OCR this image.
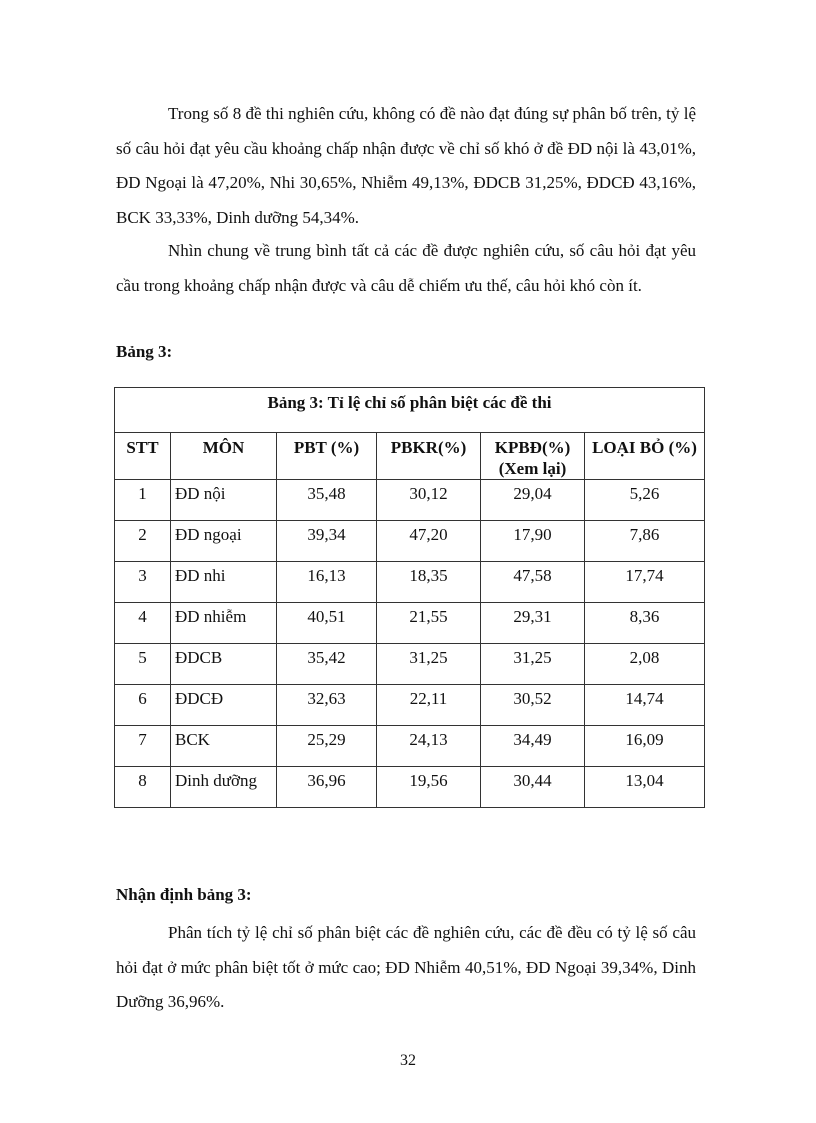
Trong số 8 đề thi nghiên cứu, không có đề nào đạt đúng sự phân bố trên, tỷ lệ số câu hỏi đạt yêu cầu khoảng chấp nhận được về chỉ số khó ở đề ĐD nội là 43,01%, ĐD Ngoại là 47,20%, Nhi 30,65%, Nhiễm 49,13%, ĐDCB 31,25%, ĐDCĐ 43,16%, BCK 33,33%, Dinh dưỡng 54,34%.

Nhìn chung về trung bình tất cả các đề được nghiên cứu, số câu hỏi đạt yêu cầu trong khoảng chấp nhận được và câu dễ chiếm ưu thế, câu hỏi khó còn ít.

Bảng 3:

Bảng 3: Tỉ lệ chỉ số phân biệt các đề thi					
STT	MÔN	PBT (%)	PBKR(%)	KPBĐ(%) (Xem lại)	LOẠI BỎ (%)
1	ĐD nội	35,48	30,12	29,04	5,26
2	ĐD ngoại	39,34	47,20	17,90	7,86
3	ĐD nhi	16,13	18,35	47,58	17,74
4	ĐD nhiễm	40,51	21,55	29,31	8,36
5	ĐDCB	35,42	31,25	31,25	2,08
6	ĐDCĐ	32,63	22,11	30,52	14,74
7	BCK	25,29	24,13	34,49	16,09
8	Dinh dưỡng	36,96	19,56	30,44	13,04

Nhận định bảng 3:

Phân tích tỷ lệ chỉ số phân biệt các đề nghiên cứu, các đề đều có tỷ lệ số câu hỏi đạt ở mức phân biệt tốt ở mức cao; ĐD Nhiễm 40,51%, ĐD Ngoại 39,34%, Dinh Dưỡng 36,96%.

32
